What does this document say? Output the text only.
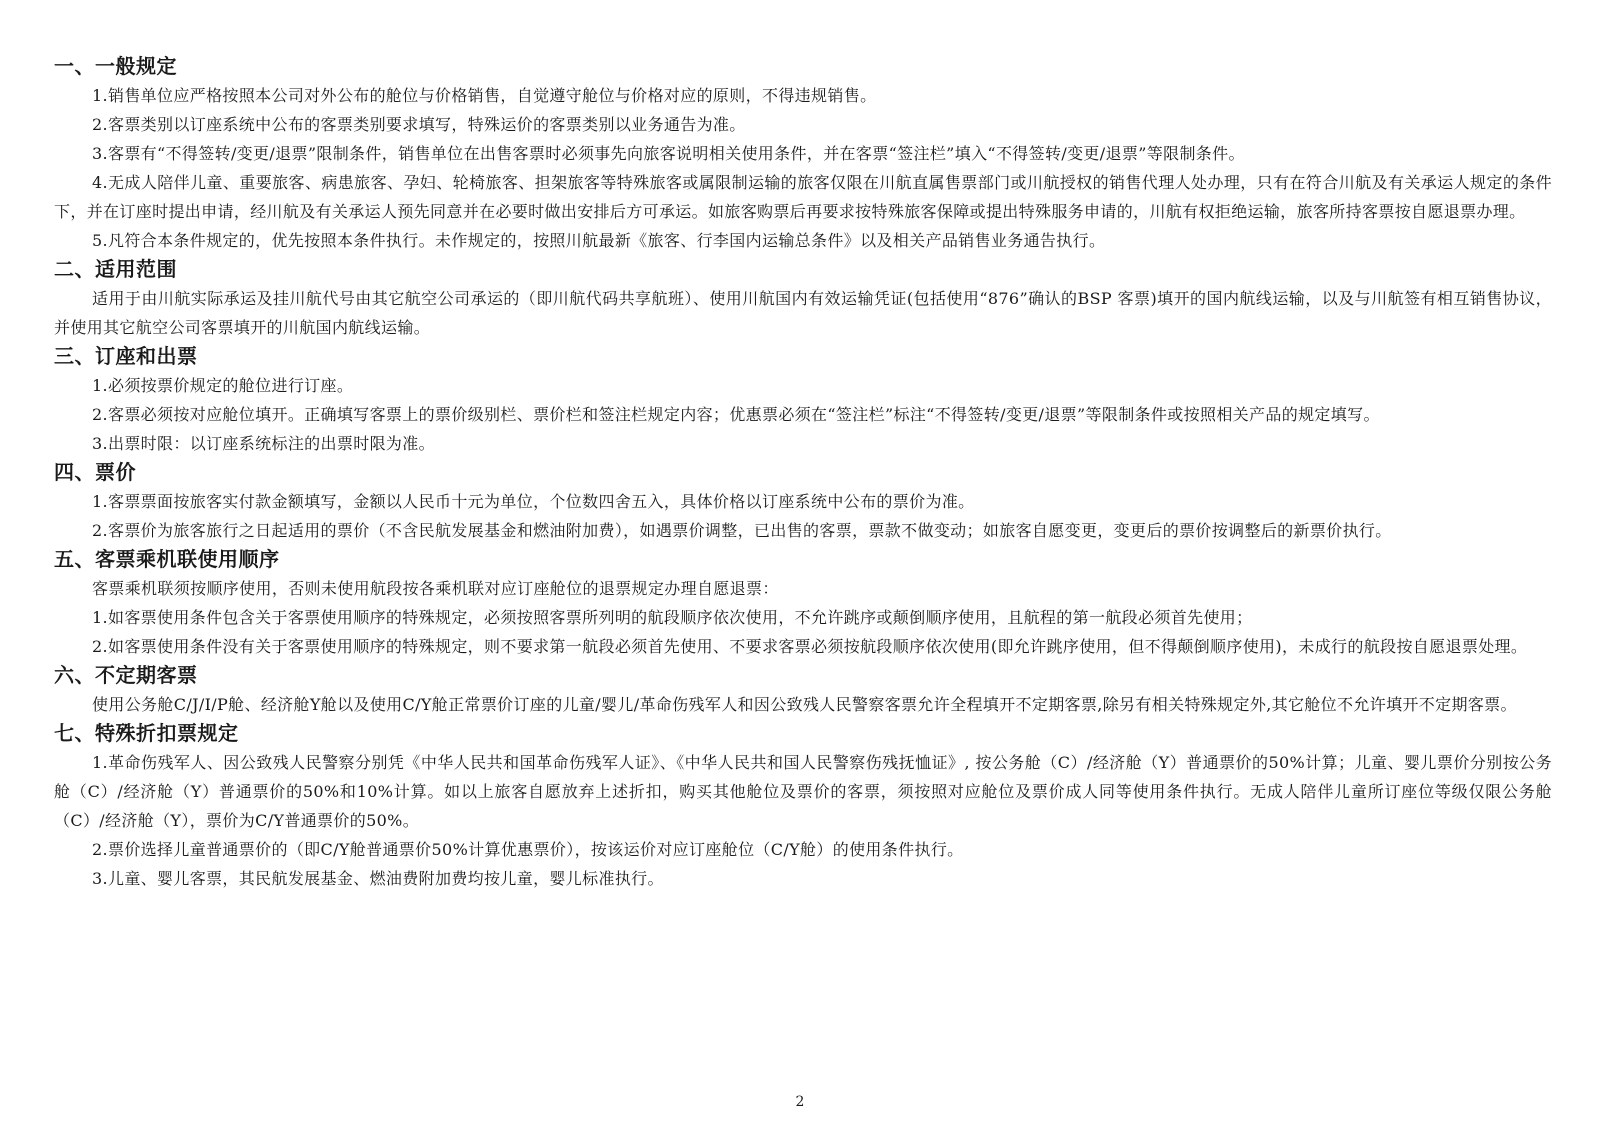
一、一般规定

1.销售单位应严格按照本公司对外公布的舱位与价格销售，自觉遵守舱位与价格对应的原则，不得违规销售。

2.客票类别以订座系统中公布的客票类别要求填写，特殊运价的客票类别以业务通告为准。

3.客票有“不得签转/变更/退票”限制条件，销售单位在出售客票时必须事先向旅客说明相关使用条件，并在客票“签注栏”填入“不得签转/变更/退票”等限制条件。

4.无成人陪伴儿童、重要旅客、病患旅客、孕妇、轮椅旅客、担架旅客等特殊旅客或属限制运输的旅客仅限在川航直属售票部门或川航授权的销售代理人处办理，只有在符合川航及有关承运人规定的条件下，并在订座时提出申请，经川航及有关承运人预先同意并在必要时做出安排后方可承运。如旅客购票后再要求按特殊旅客保障或提出特殊服务申请的，川航有权拒绝运输，旅客所持客票按自愿退票办理。

5.凡符合本条件规定的，优先按照本条件执行。未作规定的，按照川航最新《旅客、行李国内运输总条件》以及相关产品销售业务通告执行。

二、适用范围

适用于由川航实际承运及挂川航代号由其它航空公司承运的（即川航代码共享航班）、使用川航国内有效运输凭证(包括使用“876”确认的BSP 客票)填开的国内航线运输，以及与川航签有相互销售协议，并使用其它航空公司客票填开的川航国内航线运输。

三、订座和出票

1.必须按票价规定的舱位进行订座。

2.客票必须按对应舱位填开。正确填写客票上的票价级别栏、票价栏和签注栏规定内容；优惠票必须在“签注栏”标注“不得签转/变更/退票”等限制条件或按照相关产品的规定填写。

3.出票时限：以订座系统标注的出票时限为准。

四、票价

1.客票票面按旅客实付款金额填写，金额以人民币十元为单位，个位数四舍五入，具体价格以订座系统中公布的票价为准。

2.客票价为旅客旅行之日起适用的票价（不含民航发展基金和燃油附加费），如遇票价调整，已出售的客票，票款不做变动；如旅客自愿变更，变更后的票价按调整后的新票价执行。

五、客票乘机联使用顺序

客票乘机联须按顺序使用，否则未使用航段按各乘机联对应订座舱位的退票规定办理自愿退票：

1.如客票使用条件包含关于客票使用顺序的特殊规定，必须按照客票所列明的航段顺序依次使用，不允许跳序或颠倒顺序使用，且航程的第一航段必须首先使用；

2.如客票使用条件没有关于客票使用顺序的特殊规定，则不要求第一航段必须首先使用、不要求客票必须按航段顺序依次使用(即允许跳序使用，但不得颠倒顺序使用)，未成行的航段按自愿退票处理。

六、不定期客票

使用公务舱C/J/I/P舱、经济舱Y舱以及使用C/Y舱正常票价订座的儿童/婴儿/革命伤残军人和因公致残人民警察客票允许全程填开不定期客票,除另有相关特殊规定外,其它舱位不允许填开不定期客票。

七、特殊折扣票规定

1.革命伤残军人、因公致残人民警察分别凭《中华人民共和国革命伤残军人证》、《中华人民共和国人民警察伤残抚恤证》, 按公务舱（C）/经济舱（Y）普通票价的50%计算；儿童、婴儿票价分别按公务舱（C）/经济舱（Y）普通票价的50%和10%计算。如以上旅客自愿放弃上述折扣，购买其他舱位及票价的客票，须按照对应舱位及票价成人同等使用条件执行。无成人陪伴儿童所订座位等级仅限公务舱（C）/经济舱（Y），票价为C/Y普通票价的50%。

2.票价选择儿童普通票价的（即C/Y舱普通票价50%计算优惠票价），按该运价对应订座舱位（C/Y舱）的使用条件执行。

3.儿童、婴儿客票，其民航发展基金、燃油费附加费均按儿童，婴儿标准执行。

2
